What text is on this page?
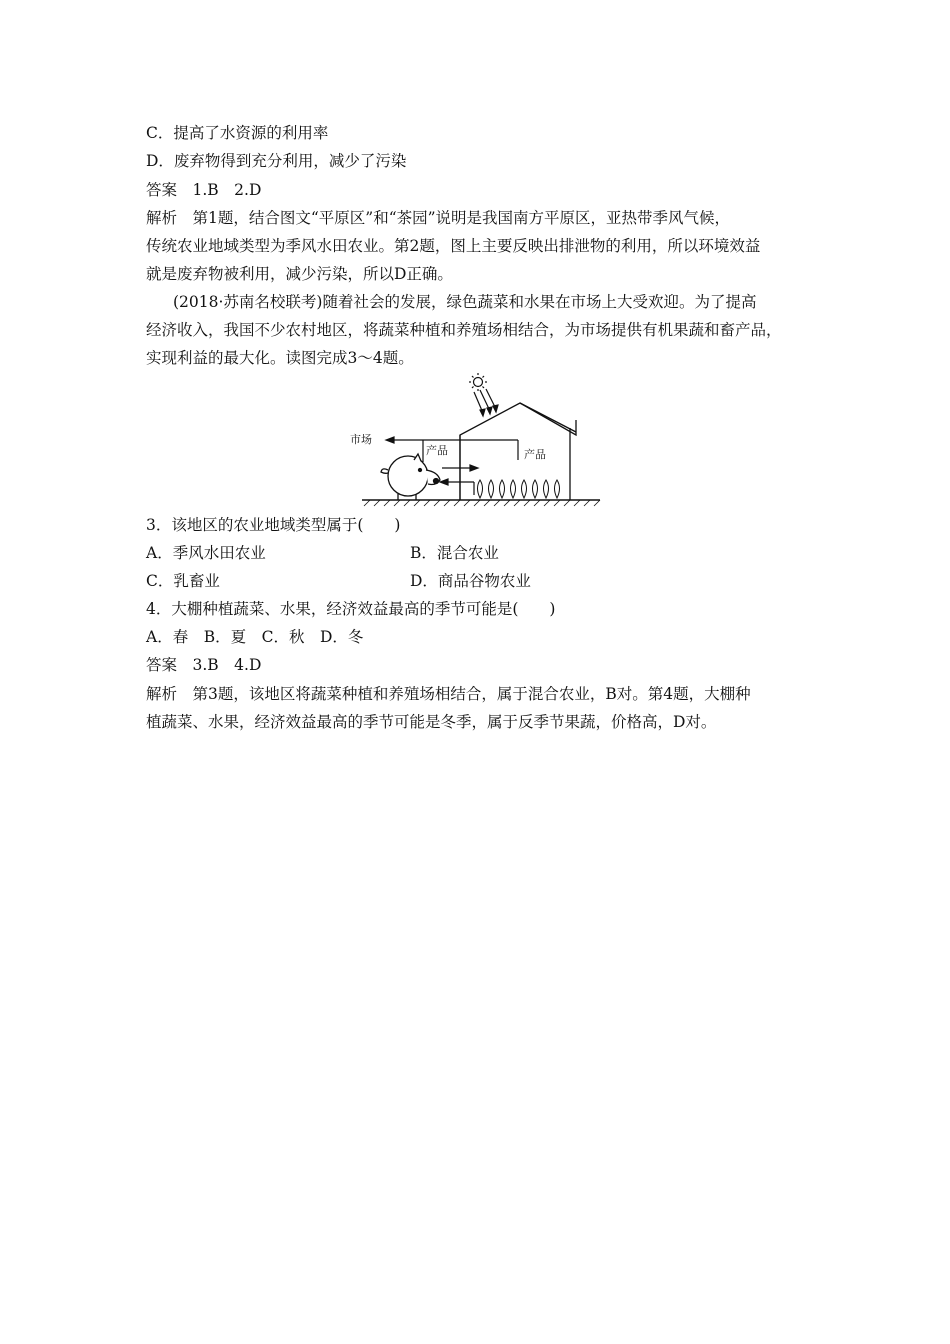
C．提高了水资源的利用率
D．废弃物得到充分利用，减少了污染
答案　1.B　2.D
解析　第1题，结合图文“平原区”和“茶园”说明是我国南方平原区，亚热带季风气候，
传统农业地域类型为季风水田农业。第2题，图上主要反映出排泄物的利用，所以环境效益
就是废弃物被利用，减少污染，所以D正确。
(2018·苏南名校联考)随着社会的发展，绿色蔬菜和水果在市场上大受欢迎。为了提高
经济收入，我国不少农村地区，将蔬菜种植和养殖场相结合，为市场提供有机果蔬和畜产品，
实现利益的最大化。读图完成3～4题。
市场
产品	产品
3．该地区的农业地域类型属于(　　)
A．季风水田农业	B．混合农业
C．乳畜业	D．商品谷物农业
4．大棚种植蔬菜、水果，经济效益最高的季节可能是(　　)
A．春　B．夏　C．秋　D．冬
答案　3.B　4.D
解析　第3题，该地区将蔬菜种植和养殖场相结合，属于混合农业，B对。第4题，大棚种
植蔬菜、水果，经济效益最高的季节可能是冬季，属于反季节果蔬，价格高，D对。
